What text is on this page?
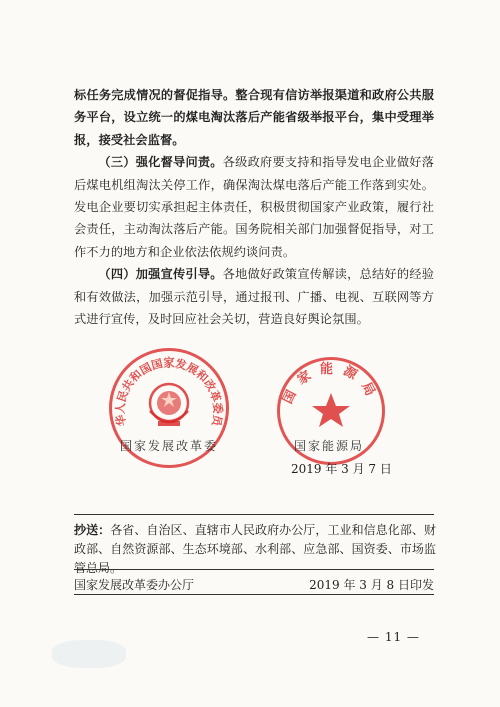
标任务完成情况的督促指导。整合现有信访举报渠道和政府公共服务平台，设立统一的煤电淘汰落后产能省级举报平台，集中受理举报，接受社会监督。

（三）强化督导问责。各级政府要支持和指导发电企业做好落后煤电机组淘汰关停工作，确保淘汰煤电落后产能工作落到实处。发电企业要切实承担起主体责任，积极贯彻国家产业政策，履行社会责任，主动淘汰落后产能。国务院相关部门加强督促指导，对工作不力的地方和企业依法依规约谈问责。

（四）加强宣传引导。各地做好政策宣传解读，总结好的经验和有效做法，加强示范引导，通过报刊、广播、电视、互联网等方式进行宣传，及时回应社会关切，营造良好舆论氛围。

中华人民共和国国家发展和改革委员会
国家发展改革委
国家能源局
国家能源局
2019 年 3 月 7 日
抄送：各省、自治区、直辖市人民政府办公厅，工业和信息化部、财政部、自然资源部、生态环境部、水利部、应急部、国资委、市场监管总局。
国家发展改革委办公厅	2019 年 3 月 8 日印发
— 11 —
